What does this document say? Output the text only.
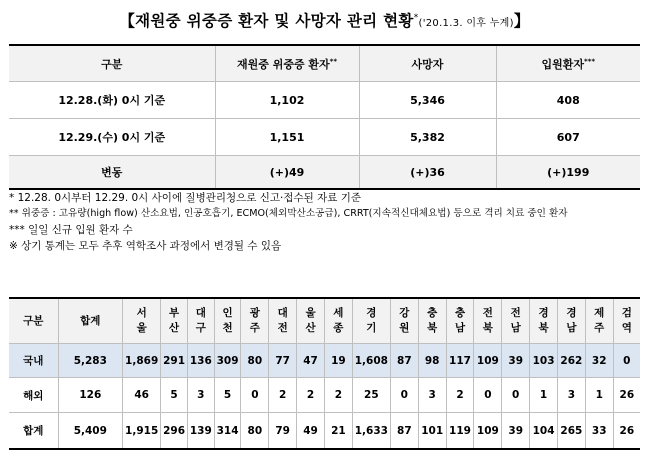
【재원중 위중증 환자 및 사망자 관리 현황*('20.1.3. 이후 누계)】
구분	재원중 위중증 환자**	사망자	입원환자***
12.28.(화) 0시 기준	1,102	5,346	408
12.29.(수) 0시 기준	1,151	5,382	607
변동	(+)49	(+)36	(+)199
* 12.28. 0시부터 12.29. 0시 사이에 질병관리청으로 신고·접수된 자료 기준
** 위중증 : 고유량(high flow) 산소요법, 인공호흡기, ECMO(체외막산소공급), CRRT(지속적신대체요법) 등으로 격리 치료 중인 환자
*** 일일 신규 입원 환자 수
※ 상기 통계는 모두 추후 역학조사 과정에서 변경될 수 있음
구분	합계	서울	부산	대구	인천	광주	대전	울산	세종	경기	강원	충북	충남	전북	전남	경북	경남	제주	검역
국내	5,283	1,869	291	136	309	80	77	47	19	1,608	87	98	117	109	39	103	262	32	0
해외	126	46	5	3	5	0	2	2	2	25	0	3	2	0	0	1	3	1	26
합계	5,409	1,915	296	139	314	80	79	49	21	1,633	87	101	119	109	39	104	265	33	26
